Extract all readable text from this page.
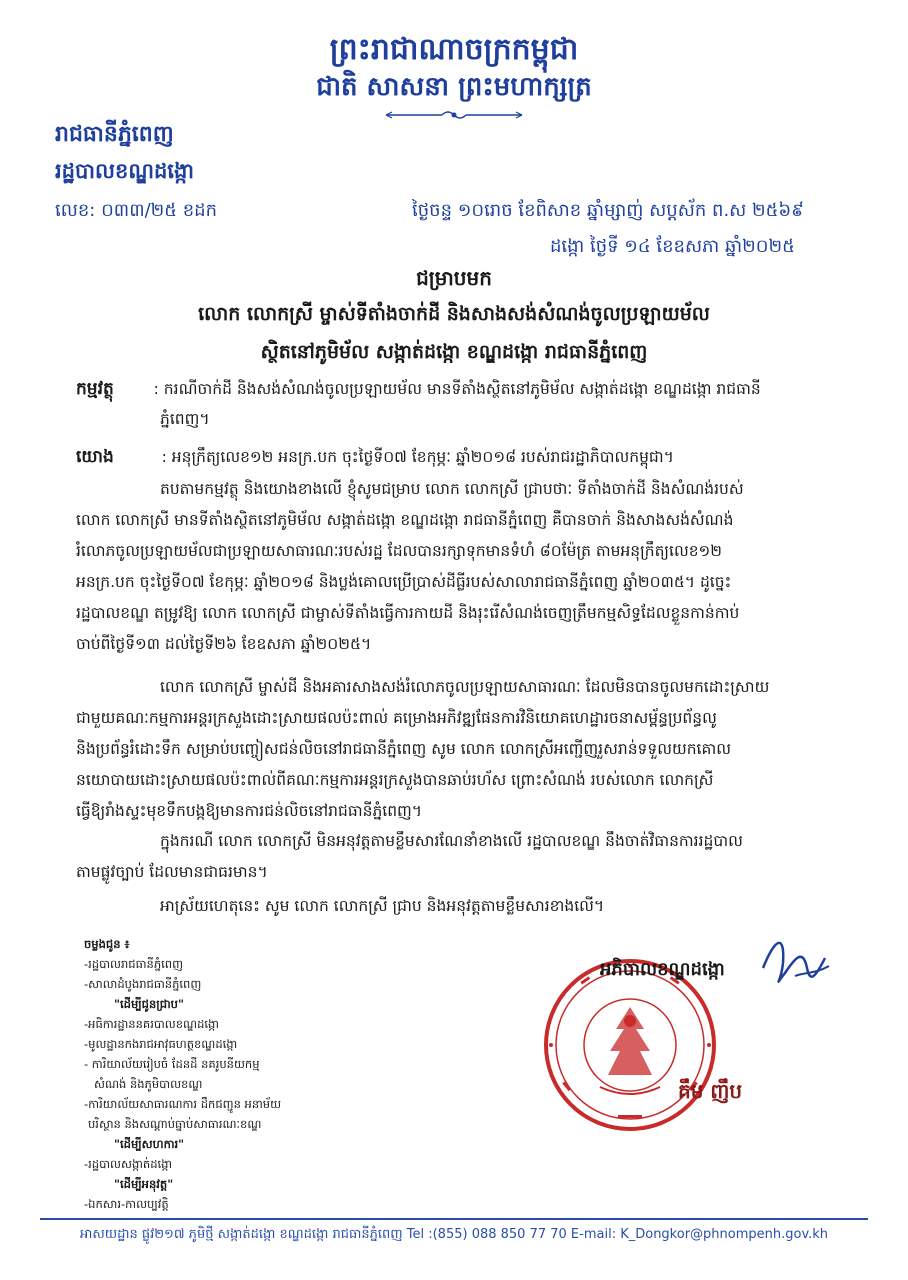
ព្រះរាជាណាចក្រកម្ពុជា
ជាតិ សាសនា ព្រះមហាក្សត្រ
រាជធានីភ្នំពេញ
រដ្ឋបាលខណ្ឌដង្កោ
លេខ: ០៣៣/២៥ ខដក	ថ្ងៃចន្ទ ១០រោច ខែពិសាខ ឆ្នាំម្សាញ់ សប្តស័ក ព.ស ២៥៦៩
ដង្កោ ថ្ងៃទី ១៤ ខែឧសភា ឆ្នាំ២០២៥
ជម្រាបមក
លោក លោកស្រី ម្ចាស់ទីតាំងចាក់ដី និងសាងសង់សំណង់ចូលប្រឡាយម័ល
ស្ថិតនៅភូមិម័ល សង្កាត់ដង្កោ ខណ្ឌដង្កោ រាជធានីភ្នំពេញ
កម្មវត្ថុ	: ករណីចាក់ដី និងសង់សំណង់ចូលប្រឡាយម័ល មានទីតាំងស្ថិតនៅភូមិម័ល សង្កាត់ដង្កោ ខណ្ឌដង្កោ រាជធានី
ភ្នំពេញ។
យោង	: អនុក្រឹត្យលេខ១២ អនក្រ.បក ចុះថ្ងៃទី០៧ ខែកុម្ភៈ ឆ្នាំ២០១៨ របស់រាជរដ្ឋាភិបាលកម្ពុជា។
តបតាមកម្មវត្ថុ និងយោងខាងលើ ខ្ញុំសូមជម្រាប លោក លោកស្រី ជ្រាបថាៈ ទីតាំងចាក់ដី និងសំណង់របស់
លោក លោកស្រី មានទីតាំងស្ថិតនៅភូមិម័ល សង្កាត់ដង្កោ ខណ្ឌដង្កោ រាជធានីភ្នំពេញ គឺបានចាក់ និងសាងសង់សំណង់
រំលោភចូលប្រឡាយម័លជាប្រឡាយសាធារណៈរបស់រដ្ឋ ដែលបានរក្សាទុកមានទំហំ ៨០ម៉ែត្រ តាមអនុក្រឹត្យលេខ១២
អនក្រ.បក ចុះថ្ងៃទី០៧ ខែកុម្ភៈ ឆ្នាំ២០១៨ និងប្លង់គោលប្រើប្រាស់ដីធ្លីរបស់សាលារាជធានីភ្នំពេញ ឆ្នាំ២០៣៥។ ដូច្នេះ
រដ្ឋបាលខណ្ឌ តម្រូវឱ្យ លោក លោកស្រី ជាម្ចាស់ទីតាំងធ្វើការកាយដី និងរុះរើសំណង់ចេញត្រឹមកម្មសិទ្ធដែលខ្លួនកាន់កាប់
ចាប់ពីថ្ងៃទី១៣ ដល់ថ្ងៃទី២៦ ខែឧសភា ឆ្នាំ២០២៥។
លោក លោកស្រី ម្ចាស់ដី និងអគារសាងសង់រំលោភចូលប្រឡាយសាធារណៈ ដែលមិនបានចូលមកដោះស្រាយ
ជាមួយគណៈកម្មការអន្តរក្រសួងដោះស្រាយផលប៉ះពាល់ គម្រោងអភិវឌ្ឍផែនការវិនិយោគហេដ្ឋារចនាសម្ព័ន្ធប្រព័ន្ធលូ
និងប្រព័ន្ធរំដោះទឹក សម្រាប់បញ្ចៀសជន់លិចនៅរាជធានីភ្នំពេញ សូម លោក លោកស្រីអញ្ជើញរួសរាន់ទទួលយកគោល
នយោបាយដោះស្រាយផលប៉ះពាល់ពីគណៈកម្មការអន្តរក្រសួងបានឆាប់រហ័ស ព្រោះសំណង់ របស់លោក លោកស្រី
ធ្វើឱ្យរាំងស្ទះមុខទឹកបង្កឱ្យមានការជន់លិចនៅរាជធានីភ្នំពេញ។
ក្នុងករណី លោក លោកស្រី មិនអនុវត្តតាមខ្លឹមសារណែនាំខាងលើ រដ្ឋបាលខណ្ឌ នឹងចាត់វិធានការរដ្ឋបាល
តាមផ្លូវច្បាប់ ដែលមានជាធរមាន។
អាស្រ័យហេតុនេះ សូម លោក លោកស្រី ជ្រាប និងអនុវត្តតាមខ្លឹមសារខាងលើ។
ចម្លងជូន ៖
-រដ្ឋបាលរាជធានីភ្នំពេញ
-សាលាដំបូងរាជធានីភ្នំពេញ
"ដើម្បីជូនជ្រាប"
-អធិការដ្ឋាននគរបាលខណ្ឌដង្កោ
-មូលដ្ឋានកងរាជអាវុធហត្ថខណ្ឌដង្កោ
- ការិយាល័យរៀបចំ ដែនដី នគរូបនីយកម្ម
សំណង់ និងភូមិបាលខណ្ឌ
-ការិយាល័យសាធារណការ ដឹកជញ្ជូន អនាម័យ
បរិស្ថាន និងសណ្ដាប់ធ្នាប់សាធារណៈខណ្ឌ
"ដើម្បីសហការ"
-រដ្ឋបាលសង្កាត់ដង្កោ
"ដើម្បីអនុវត្ត"
-ឯកសារ-កាលប្បវត្តិ
អភិបាលខណ្ឌដង្កោ
គឹម ញឹប
អាសយដ្ឋាន ផ្លូវ២១៧ ភូមិថ្មី សង្កាត់ដង្កោ ខណ្ឌដង្កោ រាជធានីភ្នំពេញ Tel :(855) 088 850 77 70 E-mail: K_Dongkor@phnompenh.gov.kh
